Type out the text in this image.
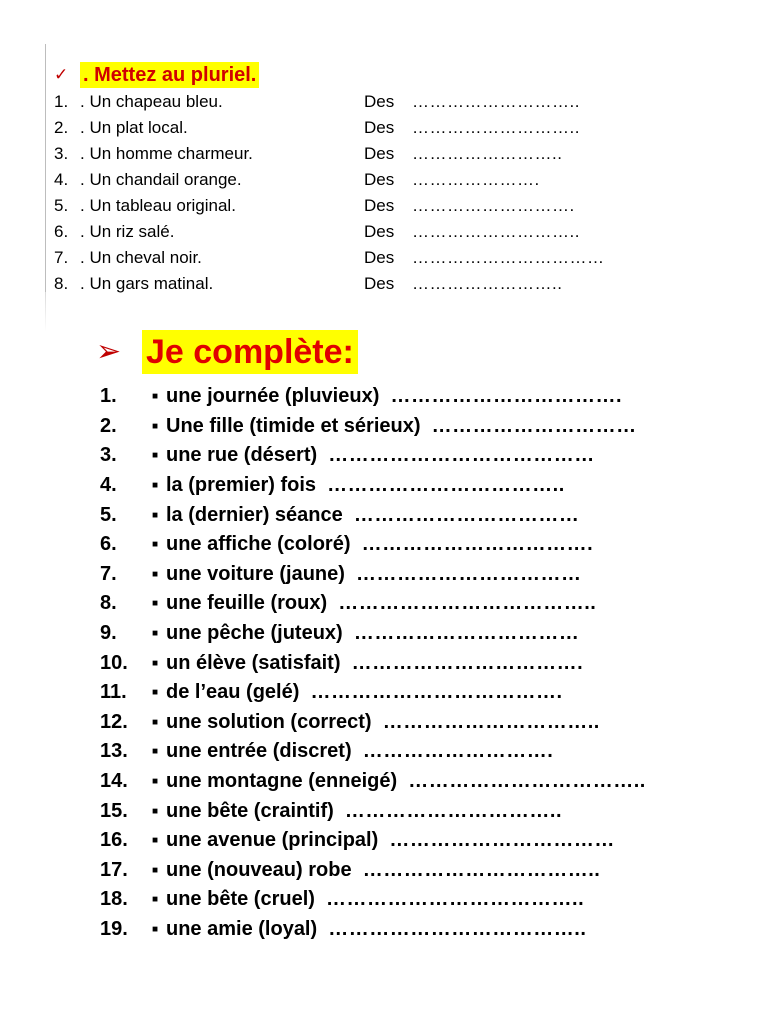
✓ . Mettez au pluriel.
1. . Un chapeau bleu.	Des	………………………..
2. . Un plat local.	Des	………………………..
3. . Un homme charmeur.	Des	……………………..
4. . Un chandail orange.	Des	………………….
5. . Un tableau original.	Des	……………………….
6. . Un riz salé.	Des	………………………..
7. . Un cheval noir.	Des	……………………………
8. . Un gars matinal.	Des	……………………..
➢ Je complète:
1.	■ une journée (pluvieux)
…………………………….
2.	■ Une fille (timide et sérieux)
…………………………
3.	■ une rue (désert)
…………………………………
4.	■ la (premier) fois
……………………………..
5.	■ la (dernier) séance
……………………………
6.	■ une affiche (coloré)
…………………………….
7.	■ une voiture (jaune)
……………………………
8.	■ une feuille (roux)
………………………………..
9.	■ une pêche (juteux)
……………………………
10.	■ un élève (satisfait)
…………………………….
11.	■ de l’eau (gelé)
……………………………….
12.	■ une solution (correct)
…………………………..
13.	■ une entrée (discret)
……………………….
14.	■ une montagne (enneigé)
……………………………..
15.	■ une bête (craintif)
…………………………..
16.	■ une avenue (principal)
……………………………
17.	■ une (nouveau) robe
……………………………..
18.	■ une bête (cruel)
………………………………..
19.	■ une amie (loyal)
………………………………..
